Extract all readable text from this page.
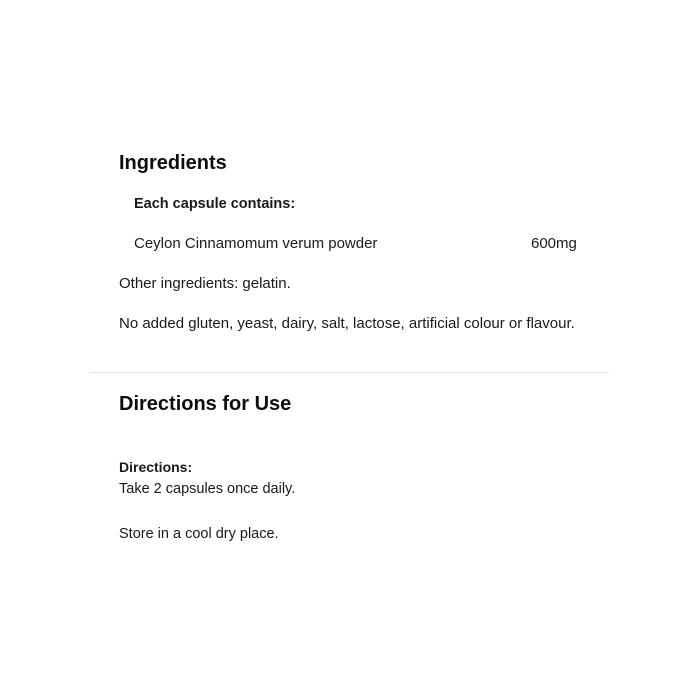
Ingredients

Each capsule contains:

Ceylon Cinnamomum verum powder	600mg

Other ingredients: gelatin.

No added gluten, yeast, dairy, salt, lactose, artificial colour or flavour.

Directions for Use

Directions:

Take 2 capsules once daily.

Store in a cool dry place.
